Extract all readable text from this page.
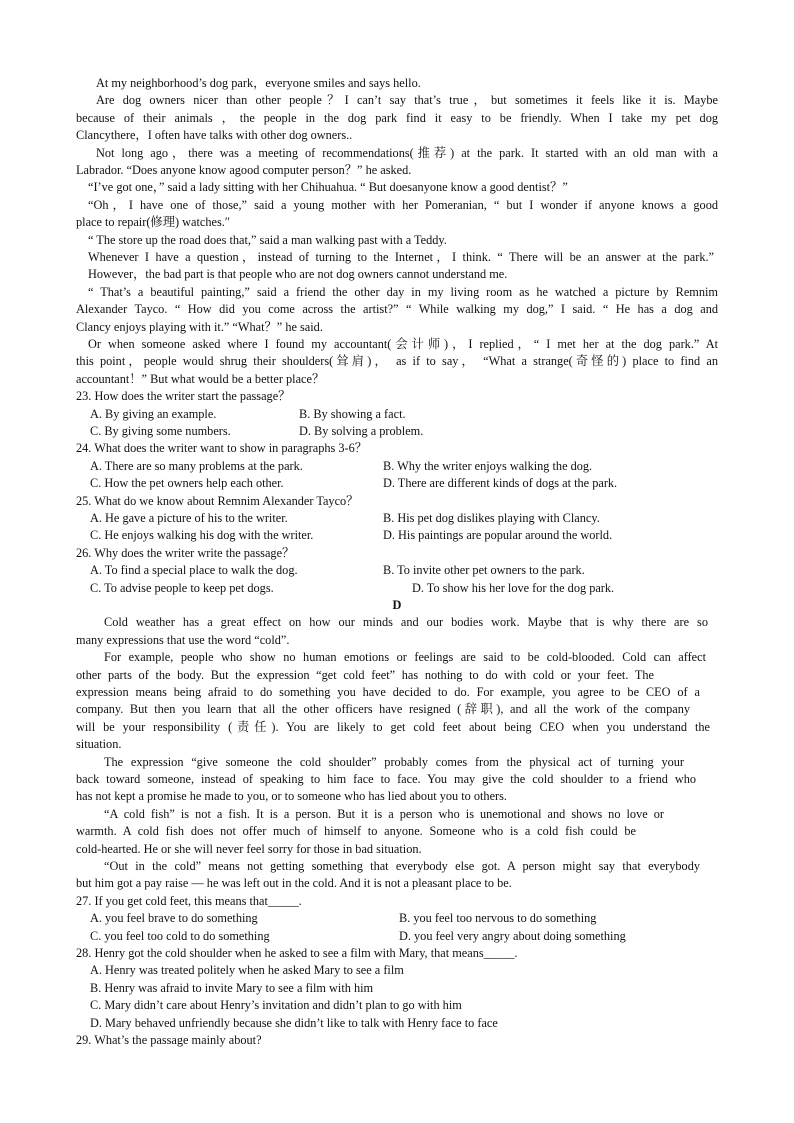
At my neighborhood’s dog park，everyone smiles and says hello.
Are dog owners nicer than other people？I can’t say that’s true，but sometimes it feels like it is. Maybe
because of their animals ，the people in the dog park find it easy to be friendly. When I take my pet dog
Clancythere，I often have talks with other dog owners..
Not long ago，there was a meeting of recommendations(推荐) at the park. It started with an old man with a
Labrador. “Does anyone know agood computer person？” he asked.
“I’ve got one，” said a lady sitting with her Chihuahua. “ But doesanyone know a good dentist？”
“Oh，I have one of those,” said a young mother with her Pomeranian, “ but I wonder if anyone knows a good
place to repair(修理) watches.″
“ The store up the road does that,” said a man walking past with a Teddy.
Whenever I have a question，instead of turning to the Internet，I think. “ There will be an answer at the park.”
However，the bad part is that people who are not dog owners cannot understand me.
“ That’s a beautiful painting,” said a friend the other day in my living room as he watched a picture by Remnim
Alexander Tayco. “ How did you come across the artist?” “ While walking my dog,” I said. “ He has a dog and
Clancy enjoys playing with it.” “What？” he said.
Or when someone asked where I found my accountant(会计师)，I replied，“ I met her at the dog park.” At
this point，people would shrug their shoulders(耸肩)， as if to say， “What a strange(奇怪的) place to find an
accountant！” But what would be a better place？
23. How does the writer start the passage？
A. By giving an example.	B. By showing a fact.
C. By giving some numbers.	D. By solving a problem.
24. What does the writer want to show in paragraphs 3-6？
A. There are so many problems at the park.	B. Why the writer enjoys walking the dog.
C. How the pet owners help each other.	D. There are different kinds of dogs at the park.
25. What do we know about Remnim Alexander Tayco？
A. He gave a picture of his to the writer.	B. His pet dog dislikes playing with Clancy.
C. He enjoys walking his dog with the writer.	D. His paintings are popular around the world.
26. Why does the writer write the passage？
A. To find a special place to walk the dog.	B. To invite other pet owners to the park.
C. To advise people to keep pet dogs.	D. To show his her love for the dog park.
D
Cold weather has a great effect on how our minds and our bodies work. Maybe that is why there are so
many expressions that use the word “cold”.
For example, people who show no human emotions or feelings are said to be cold-blooded. Cold can affect
other parts of the body. But the expression “get cold feet” has nothing to do with cold or your feet. The
expression means being afraid to do something you have decided to do. For example, you agree to be CEO of a
company. But then you learn that all the other officers have resigned (辞职), and all the work of the company
will be your responsibility (责任). You are likely to get cold feet about being CEO when you understand the
situation.
The expression “give someone the cold shoulder” probably comes from the physical act of turning your
back toward someone, instead of speaking to him face to face. You may give the cold shoulder to a friend who
has not kept a promise he made to you, or to someone who has lied about you to others.
“A cold fish” is not a fish. It is a person. But it is a person who is unemotional and shows no love or
warmth. A cold fish does not offer much of himself to anyone. Someone who is a cold fish could be
cold-hearted. He or she will never feel sorry for those in bad situation.
“Out in the cold” means not getting something that everybody else got. A person might say that everybody
but him got a pay raise — he was left out in the cold. And it is not a pleasant place to be.
27. If you get cold feet, this means that_____.
A. you feel brave to do something	B. you feel too nervous to do something
C. you feel too cold to do something	D. you feel very angry about doing something
28. Henry got the cold shoulder when he asked to see a film with Mary, that means_____.
A. Henry was treated politely when he asked Mary to see a film
B. Henry was afraid to invite Mary to see a film with him
C. Mary didn’t care about Henry’s invitation and didn’t plan to go with him
D. Mary behaved unfriendly because she didn’t like to talk with Henry face to face
29. What’s the passage mainly about?
